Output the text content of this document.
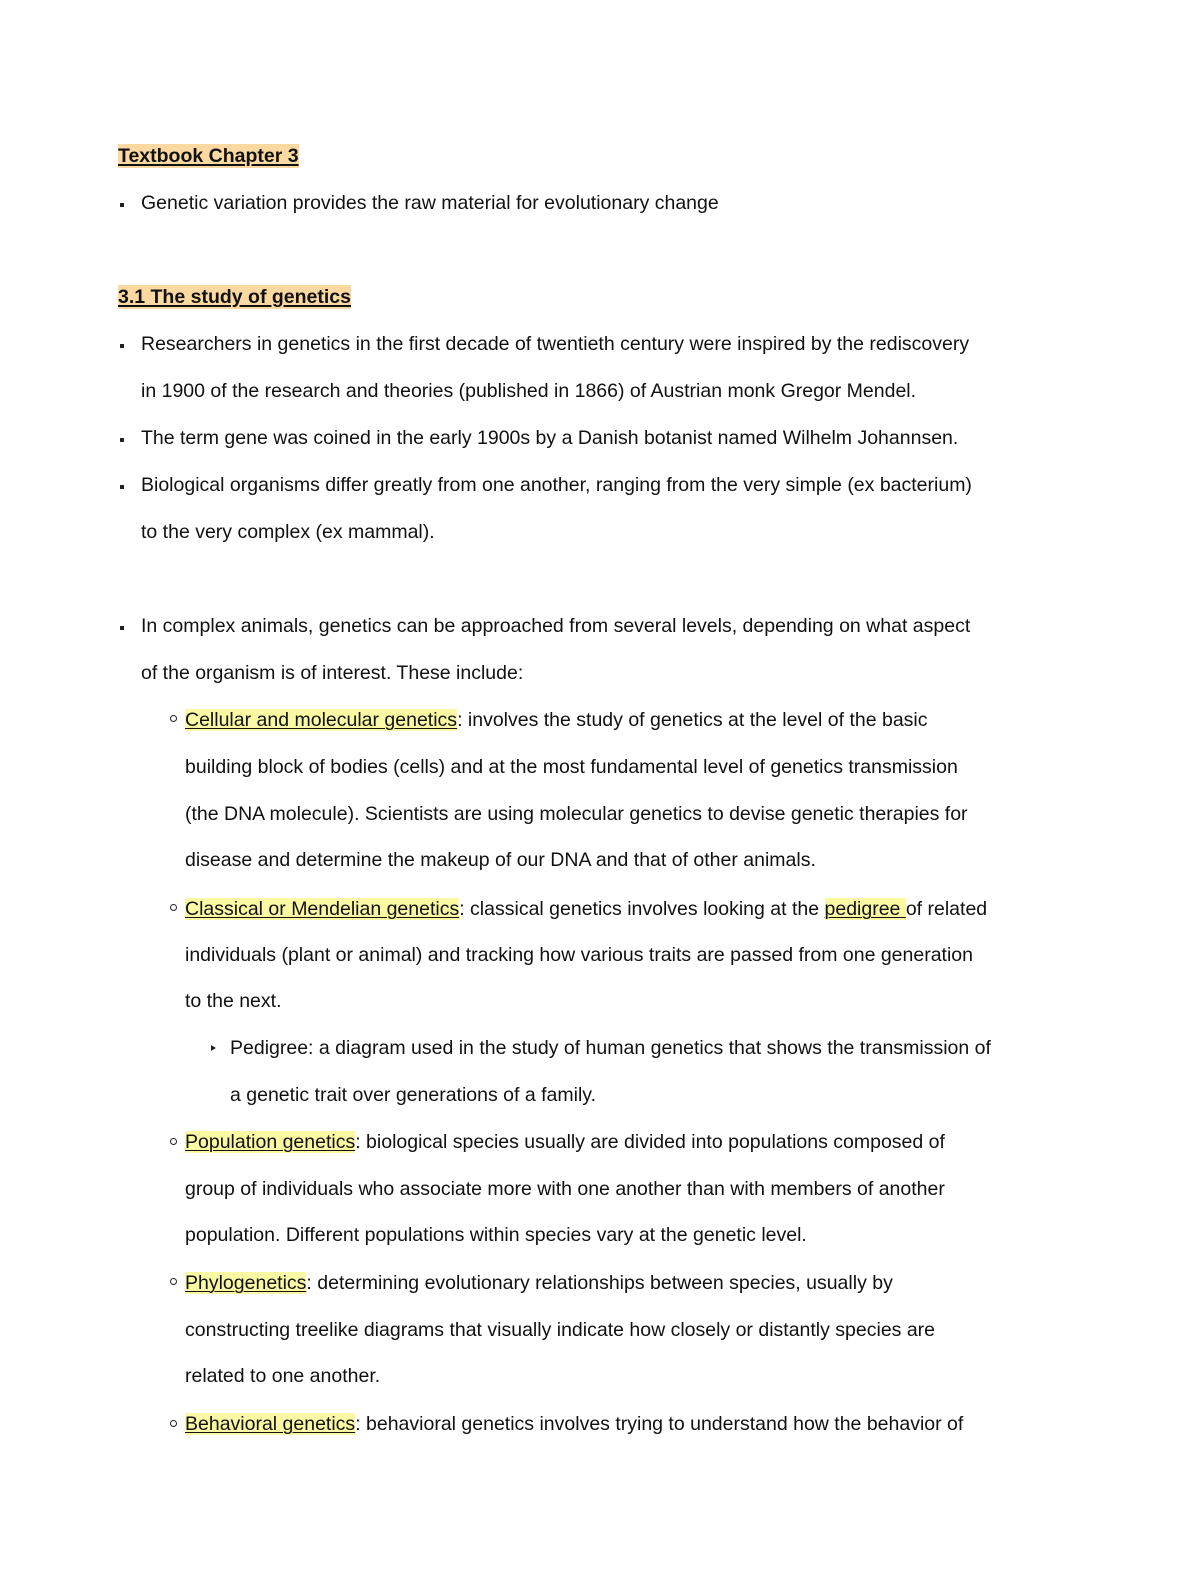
Textbook Chapter 3
Genetic variation provides the raw material for evolutionary change
3.1 The study of genetics
Researchers in genetics in the first decade of twentieth century were inspired by the rediscovery
in 1900 of the research and theories (published in 1866) of Austrian monk Gregor Mendel.
The term gene was coined in the early 1900s by a Danish botanist named Wilhelm Johannsen.
Biological organisms differ greatly from one another, ranging from the very simple (ex bacterium)
to the very complex (ex mammal).
In complex animals, genetics can be approached from several levels, depending on what aspect
of the organism is of interest. These include:
Cellular and molecular genetics: involves the study of genetics at the level of the basic
building block of bodies (cells) and at the most fundamental level of genetics transmission
(the DNA molecule). Scientists are using molecular genetics to devise genetic therapies for
disease and determine the makeup of our DNA and that of other animals.
Classical or Mendelian genetics: classical genetics involves looking at the pedigree of related
individuals (plant or animal) and tracking how various traits are passed from one generation
to the next.
Pedigree: a diagram used in the study of human genetics that shows the transmission of
a genetic trait over generations of a family.
Population genetics: biological species usually are divided into populations composed of
group of individuals who associate more with one another than with members of another
population. Different populations within species vary at the genetic level.
Phylogenetics: determining evolutionary relationships between species, usually by
constructing treelike diagrams that visually indicate how closely or distantly species are
related to one another.
Behavioral genetics: behavioral genetics involves trying to understand how the behavior of
